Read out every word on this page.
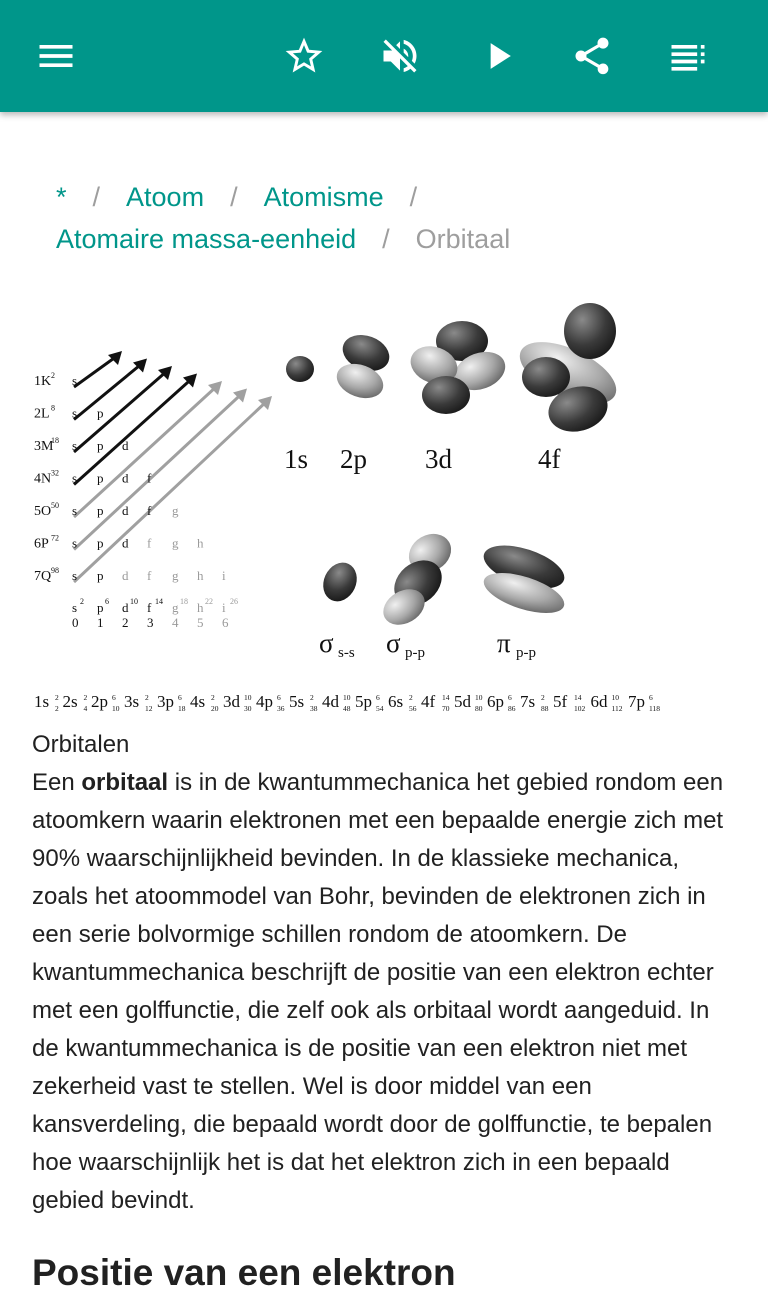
* / Atoom / Atomisme /
Atomaire massa-eenheid / Orbitaal
1K 2
2L 8
3M
18
4N 32
5O 50
6P 72
7Q 98
s
s p
s p d
s p d f
s p d f g
s p d f g h
s p d f g h i
s 2
0
p 6
1
d 10
2
f 14
3
g 18
4
h 22
5
i 26
6
1s 2p 3d	4f
σ s-s σ p-p	π p-p
1s 2
2 2s 2
4 2p 6
10 3s 2
12 3p 6
18 4s 2
20 3d 10
30 4p 6
36 5s 2
38 4d 10
48 5p 6
54 6s 2
56 4f 14
70 5d 10
80 6p 6
86 7s 2
88 5f 14
102 6d 10
112 7p 6
118
Orbitalen
Een orbitaal is in de kwantummechanica het gebied rondom een atoomkern waarin elektronen met een bepaalde energie zich met 90% waarschijnlijkheid bevinden. In de klassieke mechanica, zoals het atoommodel van Bohr, bevinden de elektronen zich in een serie bolvormige schillen rondom de atoomkern. De kwantummechanica beschrijft de positie van een elektron echter met een golffunctie, die zelf ook als orbitaal wordt aangeduid. In de kwantummechanica is de positie van een elektron niet met zekerheid vast te stellen. Wel is door middel van een kansverdeling, die bepaald wordt door de golffunctie, te bepalen hoe waarschijnlijk het is dat het elektron zich in een bepaald gebied bevindt.
Positie van een elektron
